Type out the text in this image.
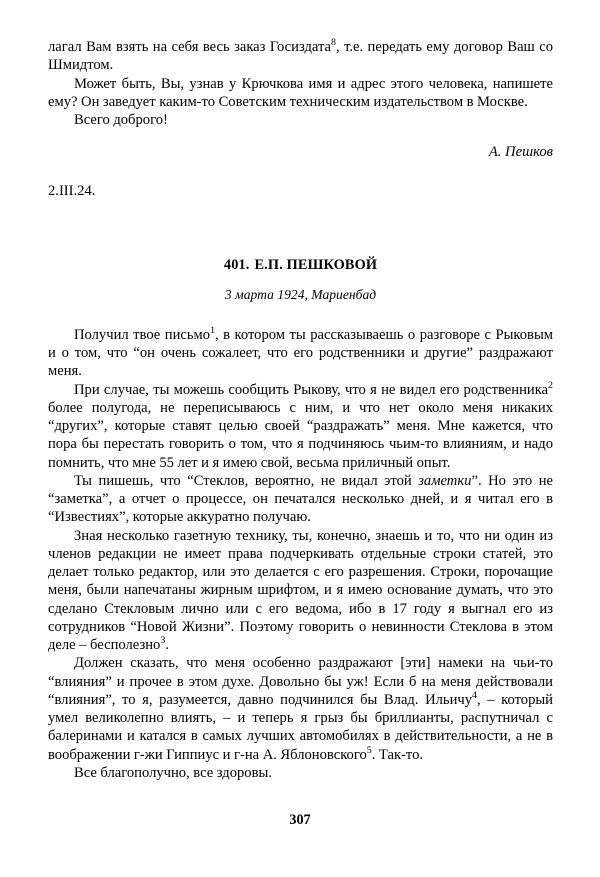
лагал Вам взять на себя весь заказ Госиздата$^8$, т.е. передать ему договор Ваш со Шмидтом.

Может быть, Вы, узнав у Крючкова имя и адрес этого человека, напишете ему? Он заведует каким-то Советским техническим издательством в Москве.

Всего доброго!

А. Пешков

2.III.24.

401. Е.П. ПЕШКОВОЙ

3 марта 1924, Мариенбад

Получил твое письмо$^1$, в котором ты рассказываешь о разговоре с Рыковым и о том, что “он очень сожалеет, что его родственники и другие” раздражают меня.

При случае, ты можешь сообщить Рыкову, что я не видел его родственника$^2$ более полугода, не переписываюсь с ним, и что нет около меня никаких “других”, которые ставят целью своей “раздражать” меня. Мне кажется, что пора бы перестать говорить о том, что я подчиняюсь чьим-то влияниям, и надо помнить, что мне 55 лет и я имею свой, весьма приличный опыт.

Ты пишешь, что “Стеклов, вероятно, не видал этой заметки”. Но это не “заметка”, а отчет о процессе, он печатался несколько дней, и я читал его в “Известиях”, которые аккуратно получаю.

Зная несколько газетную технику, ты, конечно, знаешь и то, что ни один из членов редакции не имеет права подчеркивать отдельные строки статей, это делает только редактор, или это делается с его разрешения. Строки, порочащие меня, были напечатаны жирным шрифтом, и я имею основание думать, что это сделано Стекловым лично или с его ведома, ибо в 17 году я выгнал его из сотрудников “Новой Жизни”. Поэтому говорить о невинности Стеклова в этом деле – бесполезно$^3$.

Должен сказать, что меня особенно раздражают [эти] намеки на чьи-то “влияния” и прочее в этом духе. Довольно бы уж! Если б на меня действовали “влияния”, то я, разумеется, давно подчинился бы Влад. Ильичу$^4$, – который умел великолепно влиять, – и теперь я грыз бы бриллианты, распутничал с балеринами и катался в самых лучших автомобилях в действительности, а не в воображении г-жи Гиппиус и г-на А. Яблоновского$^5$. Так-то.

Все благополучно, все здоровы.

307
